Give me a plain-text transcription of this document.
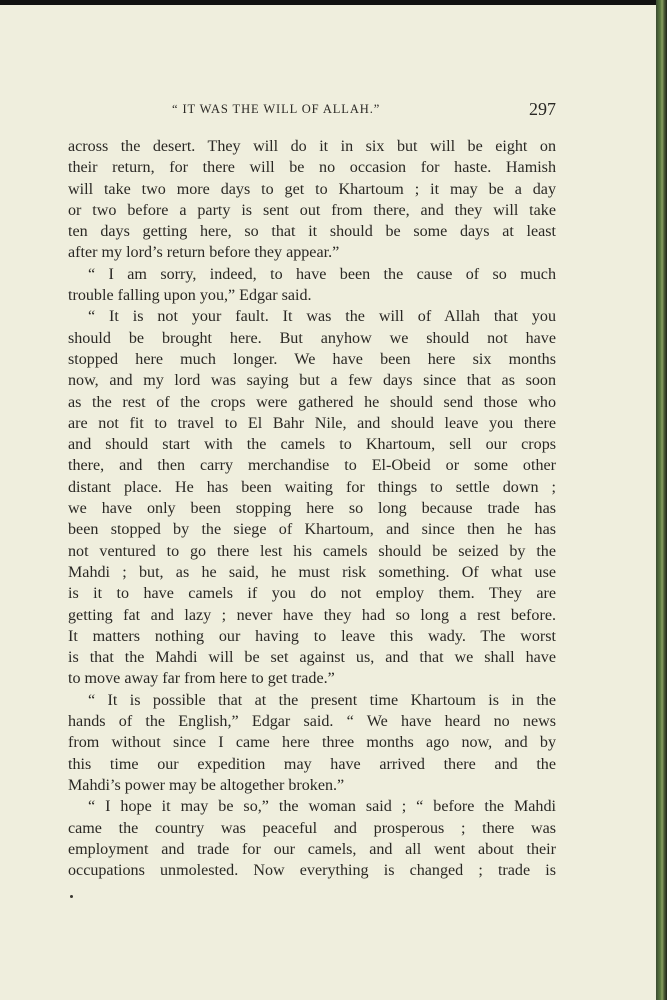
“ IT WAS THE WILL OF ALLAH.”	297
across the desert. They will do it in six but will be eight on
their return, for there will be no occasion for haste. Hamish
will take two more days to get to Khartoum ; it may be a day
or two before a party is sent out from there, and they will take
ten days getting here, so that it should be some days at least
after my lord’s return before they appear.”
“ I am sorry, indeed, to have been the cause of so much
trouble falling upon you,” Edgar said.
“ It is not your fault. It was the will of Allah that you
should be brought here. But anyhow we should not have
stopped here much longer. We have been here six months
now, and my lord was saying but a few days since that as soon
as the rest of the crops were gathered he should send those who
are not fit to travel to El Bahr Nile, and should leave you there
and should start with the camels to Khartoum, sell our crops
there, and then carry merchandise to El-Obeid or some other
distant place. He has been waiting for things to settle down ;
we have only been stopping here so long because trade has
been stopped by the siege of Khartoum, and since then he has
not ventured to go there lest his camels should be seized by the
Mahdi ; but, as he said, he must risk something. Of what use
is it to have camels if you do not employ them. They are
getting fat and lazy ; never have they had so long a rest before.
It matters nothing our having to leave this wady. The worst
is that the Mahdi will be set against us, and that we shall have
to move away far from here to get trade.”
“ It is possible that at the present time Khartoum is in the
hands of the English,” Edgar said. “ We have heard no news
from without since I came here three months ago now, and by
this time our expedition may have arrived there and the
Mahdi’s power may be altogether broken.”
“ I hope it may be so,” the woman said ; “ before the Mahdi
came the country was peaceful and prosperous ; there was
employment and trade for our camels, and all went about their
occupations unmolested. Now everything is changed ; trade is
